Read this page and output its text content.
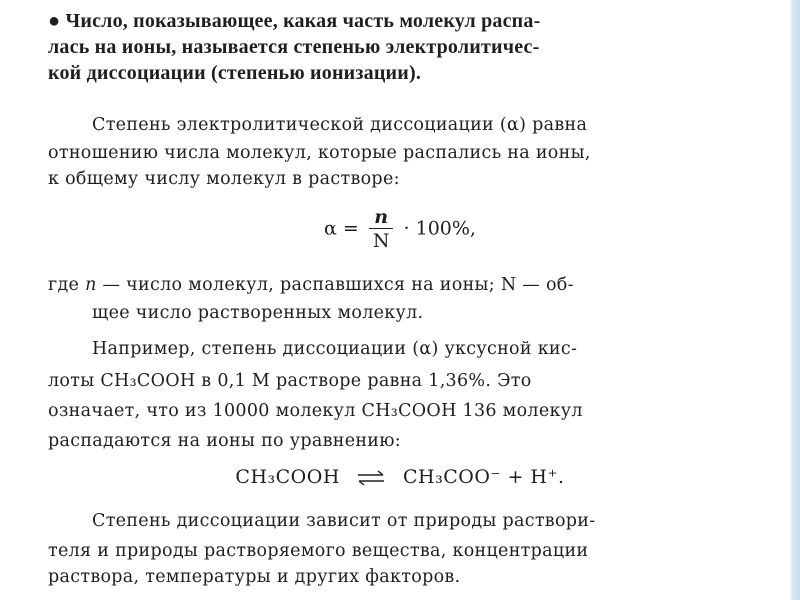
● Число, показывающее, какая часть молекул распа-
лась на ионы, называется степенью электролитичес-
кой диссоциации (степенью ионизации).
Степень электролитической диссоциации (α) равна
отношению числа молекул, которые распались на ионы,
к общему числу молекул в растворе:
$\alpha = \frac{n}{N} \cdot 100\%$,
где n — число молекул, распавшихся на ионы; N — об-
щее число растворенных молекул.
Например, степень диссоциации (α) уксусной кис-
лоты CH₃COOH в 0,1 М растворе равна 1,36%. Это
означает, что из 10000 молекул CH₃COOH 136 молекул
распадаются на ионы по уравнению:
CH₃COOH ⇌ CH₃COO⁻ + H⁺.
Степень диссоциации зависит от природы раствори-
теля и природы растворяемого вещества, концентрации
раствора, температуры и других факторов.
